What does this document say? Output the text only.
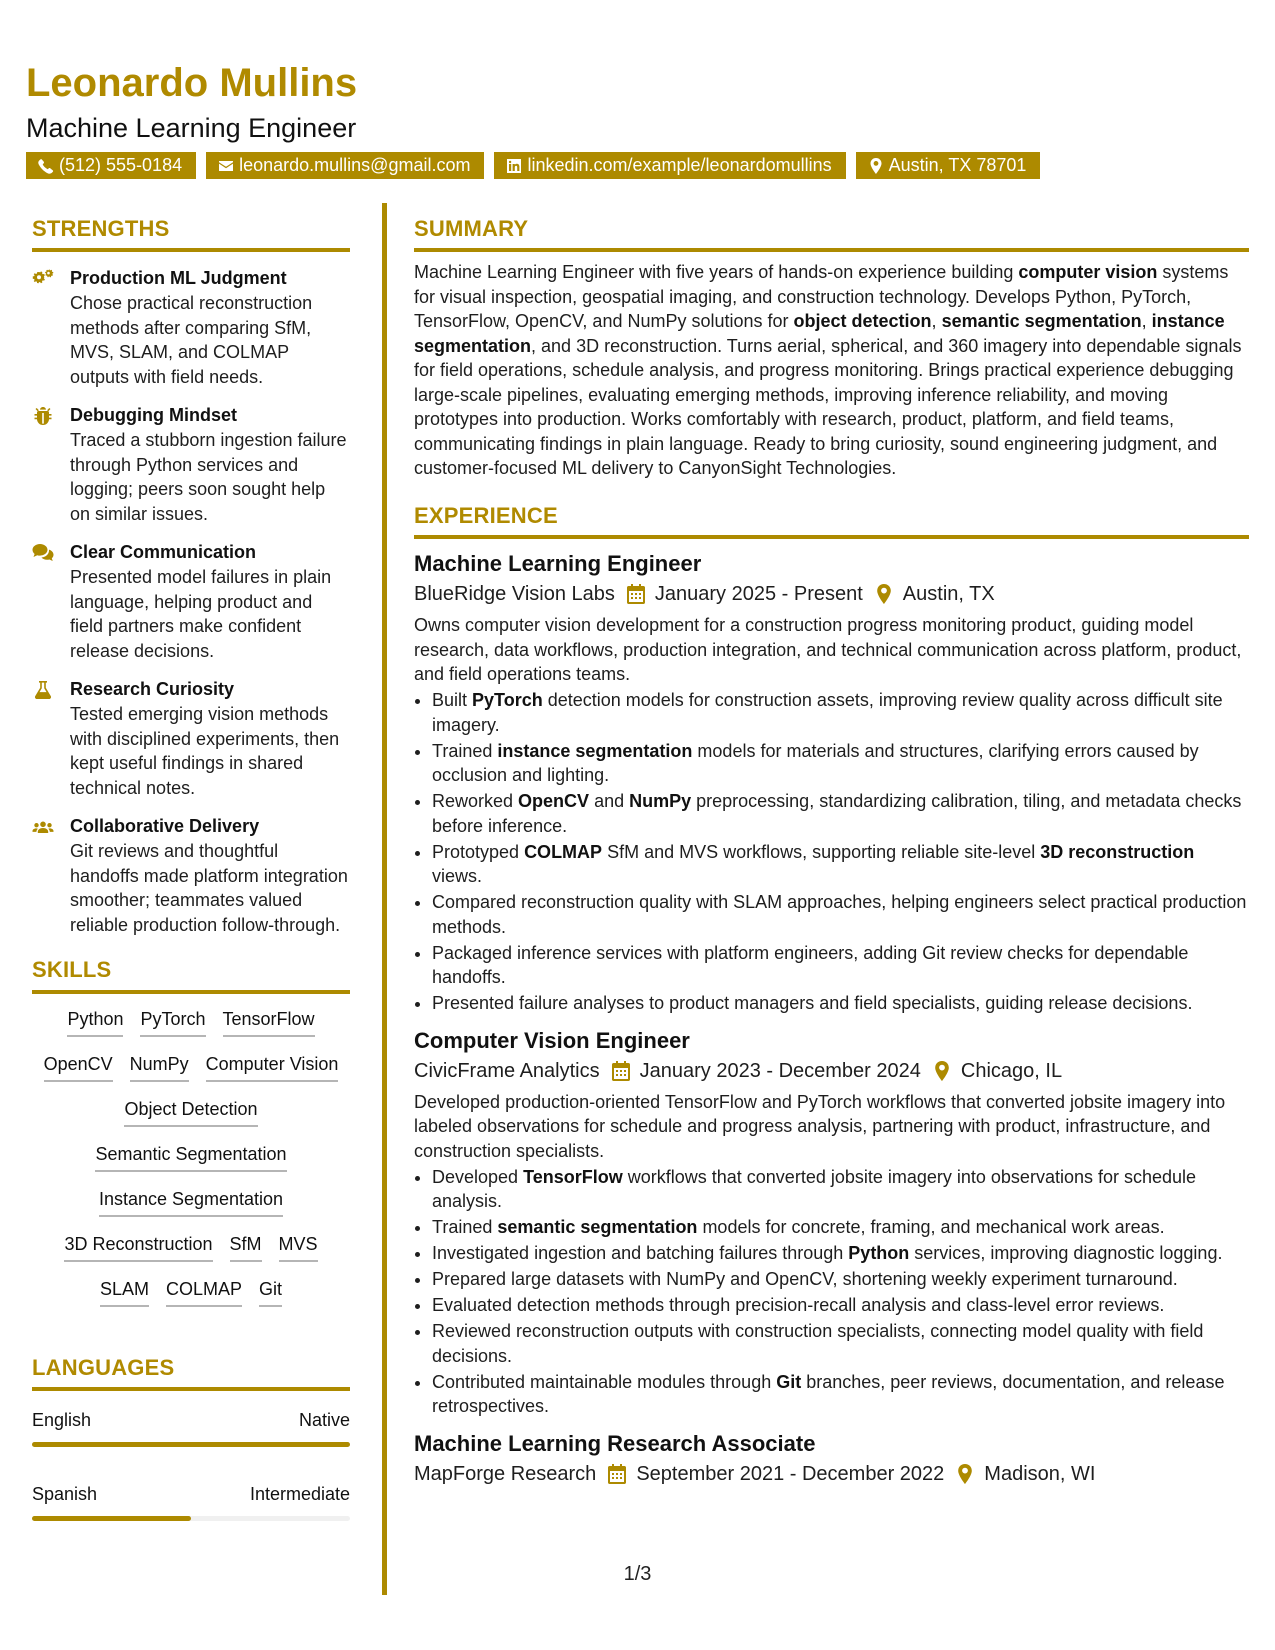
Leonardo Mullins
Machine Learning Engineer
(512) 555-0184	leonardo.mullins@gmail.com	linkedin.com/example/leonardomullins	Austin, TX 78701
STRENGTHS
Production ML Judgment
Chose practical reconstruction methods after comparing SfM, MVS, SLAM, and COLMAP outputs with field needs.
Debugging Mindset
Traced a stubborn ingestion failure through Python services and logging; peers soon sought help on similar issues.
Clear Communication
Presented model failures in plain language, helping product and field partners make confident release decisions.
Research Curiosity
Tested emerging vision methods with disciplined experiments, then kept useful findings in shared technical notes.
Collaborative Delivery
Git reviews and thoughtful handoffs made platform integration smoother; teammates valued reliable production follow-through.
SKILLS
Python PyTorch TensorFlow
OpenCV NumPy Computer Vision
Object Detection
Semantic Segmentation
Instance Segmentation
3D Reconstruction SfM MVS
SLAM COLMAP Git
LANGUAGES
English	Native
Spanish	Intermediate
SUMMARY
Machine Learning Engineer with five years of hands-on experience building computer vision systems for visual inspection, geospatial imaging, and construction technology. Develops Python, PyTorch, TensorFlow, OpenCV, and NumPy solutions for object detection, semantic segmentation, instance segmentation, and 3D reconstruction. Turns aerial, spherical, and 360 imagery into dependable signals for field operations, schedule analysis, and progress monitoring. Brings practical experience debugging large-scale pipelines, evaluating emerging methods, improving inference reliability, and moving prototypes into production. Works comfortably with research, product, platform, and field teams, communicating findings in plain language. Ready to bring curiosity, sound engineering judgment, and customer-focused ML delivery to CanyonSight Technologies.
EXPERIENCE
Machine Learning Engineer
BlueRidge Vision Labs January 2025 - Present Austin, TX
Owns computer vision development for a construction progress monitoring product, guiding model research, data workflows, production integration, and technical communication across platform, product, and field operations teams.
• Built PyTorch detection models for construction assets, improving review quality across difficult site imagery.
• Trained instance segmentation models for materials and structures, clarifying errors caused by occlusion and lighting.
• Reworked OpenCV and NumPy preprocessing, standardizing calibration, tiling, and metadata checks before inference.
• Prototyped COLMAP SfM and MVS workflows, supporting reliable site-level 3D reconstruction views.
• Compared reconstruction quality with SLAM approaches, helping engineers select practical production methods.
• Packaged inference services with platform engineers, adding Git review checks for dependable handoffs.
• Presented failure analyses to product managers and field specialists, guiding release decisions.
Computer Vision Engineer
CivicFrame Analytics January 2023 - December 2024 Chicago, IL
Developed production-oriented TensorFlow and PyTorch workflows that converted jobsite imagery into labeled observations for schedule and progress analysis, partnering with product, infrastructure, and construction specialists.
• Developed TensorFlow workflows that converted jobsite imagery into observations for schedule analysis.
• Trained semantic segmentation models for concrete, framing, and mechanical work areas.
• Investigated ingestion and batching failures through Python services, improving diagnostic logging.
• Prepared large datasets with NumPy and OpenCV, shortening weekly experiment turnaround.
• Evaluated detection methods through precision-recall analysis and class-level error reviews.
• Reviewed reconstruction outputs with construction specialists, connecting model quality with field decisions.
• Contributed maintainable modules through Git branches, peer reviews, documentation, and release retrospectives.
Machine Learning Research Associate
MapForge Research September 2021 - December 2022 Madison, WI
1/3
